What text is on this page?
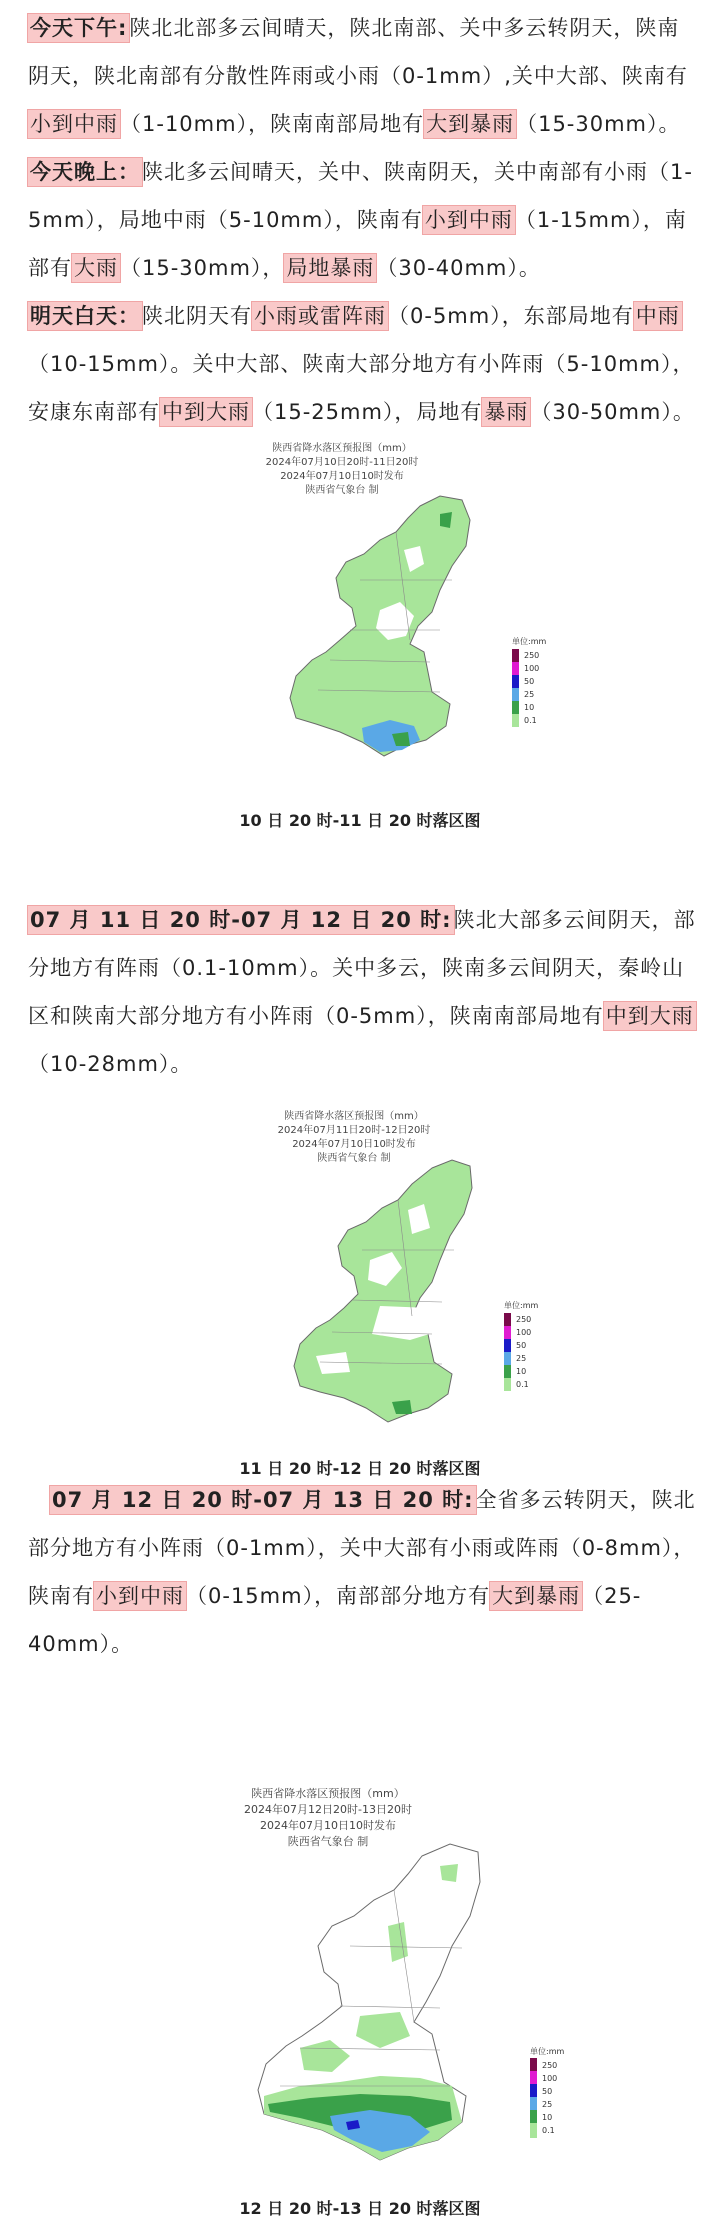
今天下午:陕北北部多云间晴天，陕北南部、关中多云转阴天，陕南阴天，陕北南部有分散性阵雨或小雨（0-1mm）,关中大部、陕南有小到中雨（1-10mm），陕南南部局地有大到暴雨（15-30mm）。
今天晚上：陕北多云间晴天，关中、陕南阴天，关中南部有小雨（1-5mm），局地中雨（5-10mm），陕南有小到中雨（1-15mm），南部有大雨（15-30mm），局地暴雨（30-40mm）。
明天白天：陕北阴天有小雨或雷阵雨（0-5mm），东部局地有中雨（10-15mm）。关中大部、陕南大部分地方有小阵雨（5-10mm），安康东南部有中到大雨（15-25mm），局地有暴雨（30-50mm）。
陕西省降水落区预报图（mm）
2024年07月10日20时-11日20时
2024年07月10日10时发布
陕西省气象台 制
单位:mm
250
100
50
25
10
0.1
10 日 20 时-11 日 20 时落区图
07 月 11 日 20 时-07 月 12 日 20 时:陕北大部多云间阴天，部分地方有阵雨（0.1-10mm）。关中多云，陕南多云间阴天，秦岭山区和陕南大部分地方有小阵雨（0-5mm），陕南南部局地有中到大雨（10-28mm）。
陕西省降水落区预报图（mm）
2024年07月11日20时-12日20时
2024年07月10日10时发布
陕西省气象台 制
单位:mm
250
100
50
25
10
0.1
11 日 20 时-12 日 20 时落区图
07 月 12 日 20 时-07 月 13 日 20 时:全省多云转阴天，陕北部分地方有小阵雨（0-1mm），关中大部有小雨或阵雨（0-8mm），陕南有小到中雨（0-15mm），南部部分地方有大到暴雨（25-40mm）。
陕西省降水落区预报图（mm）
2024年07月12日20时-13日20时
2024年07月10日10时发布
陕西省气象台 制
单位:mm
250
100
50
25
10
0.1
12 日 20 时-13 日 20 时落区图
